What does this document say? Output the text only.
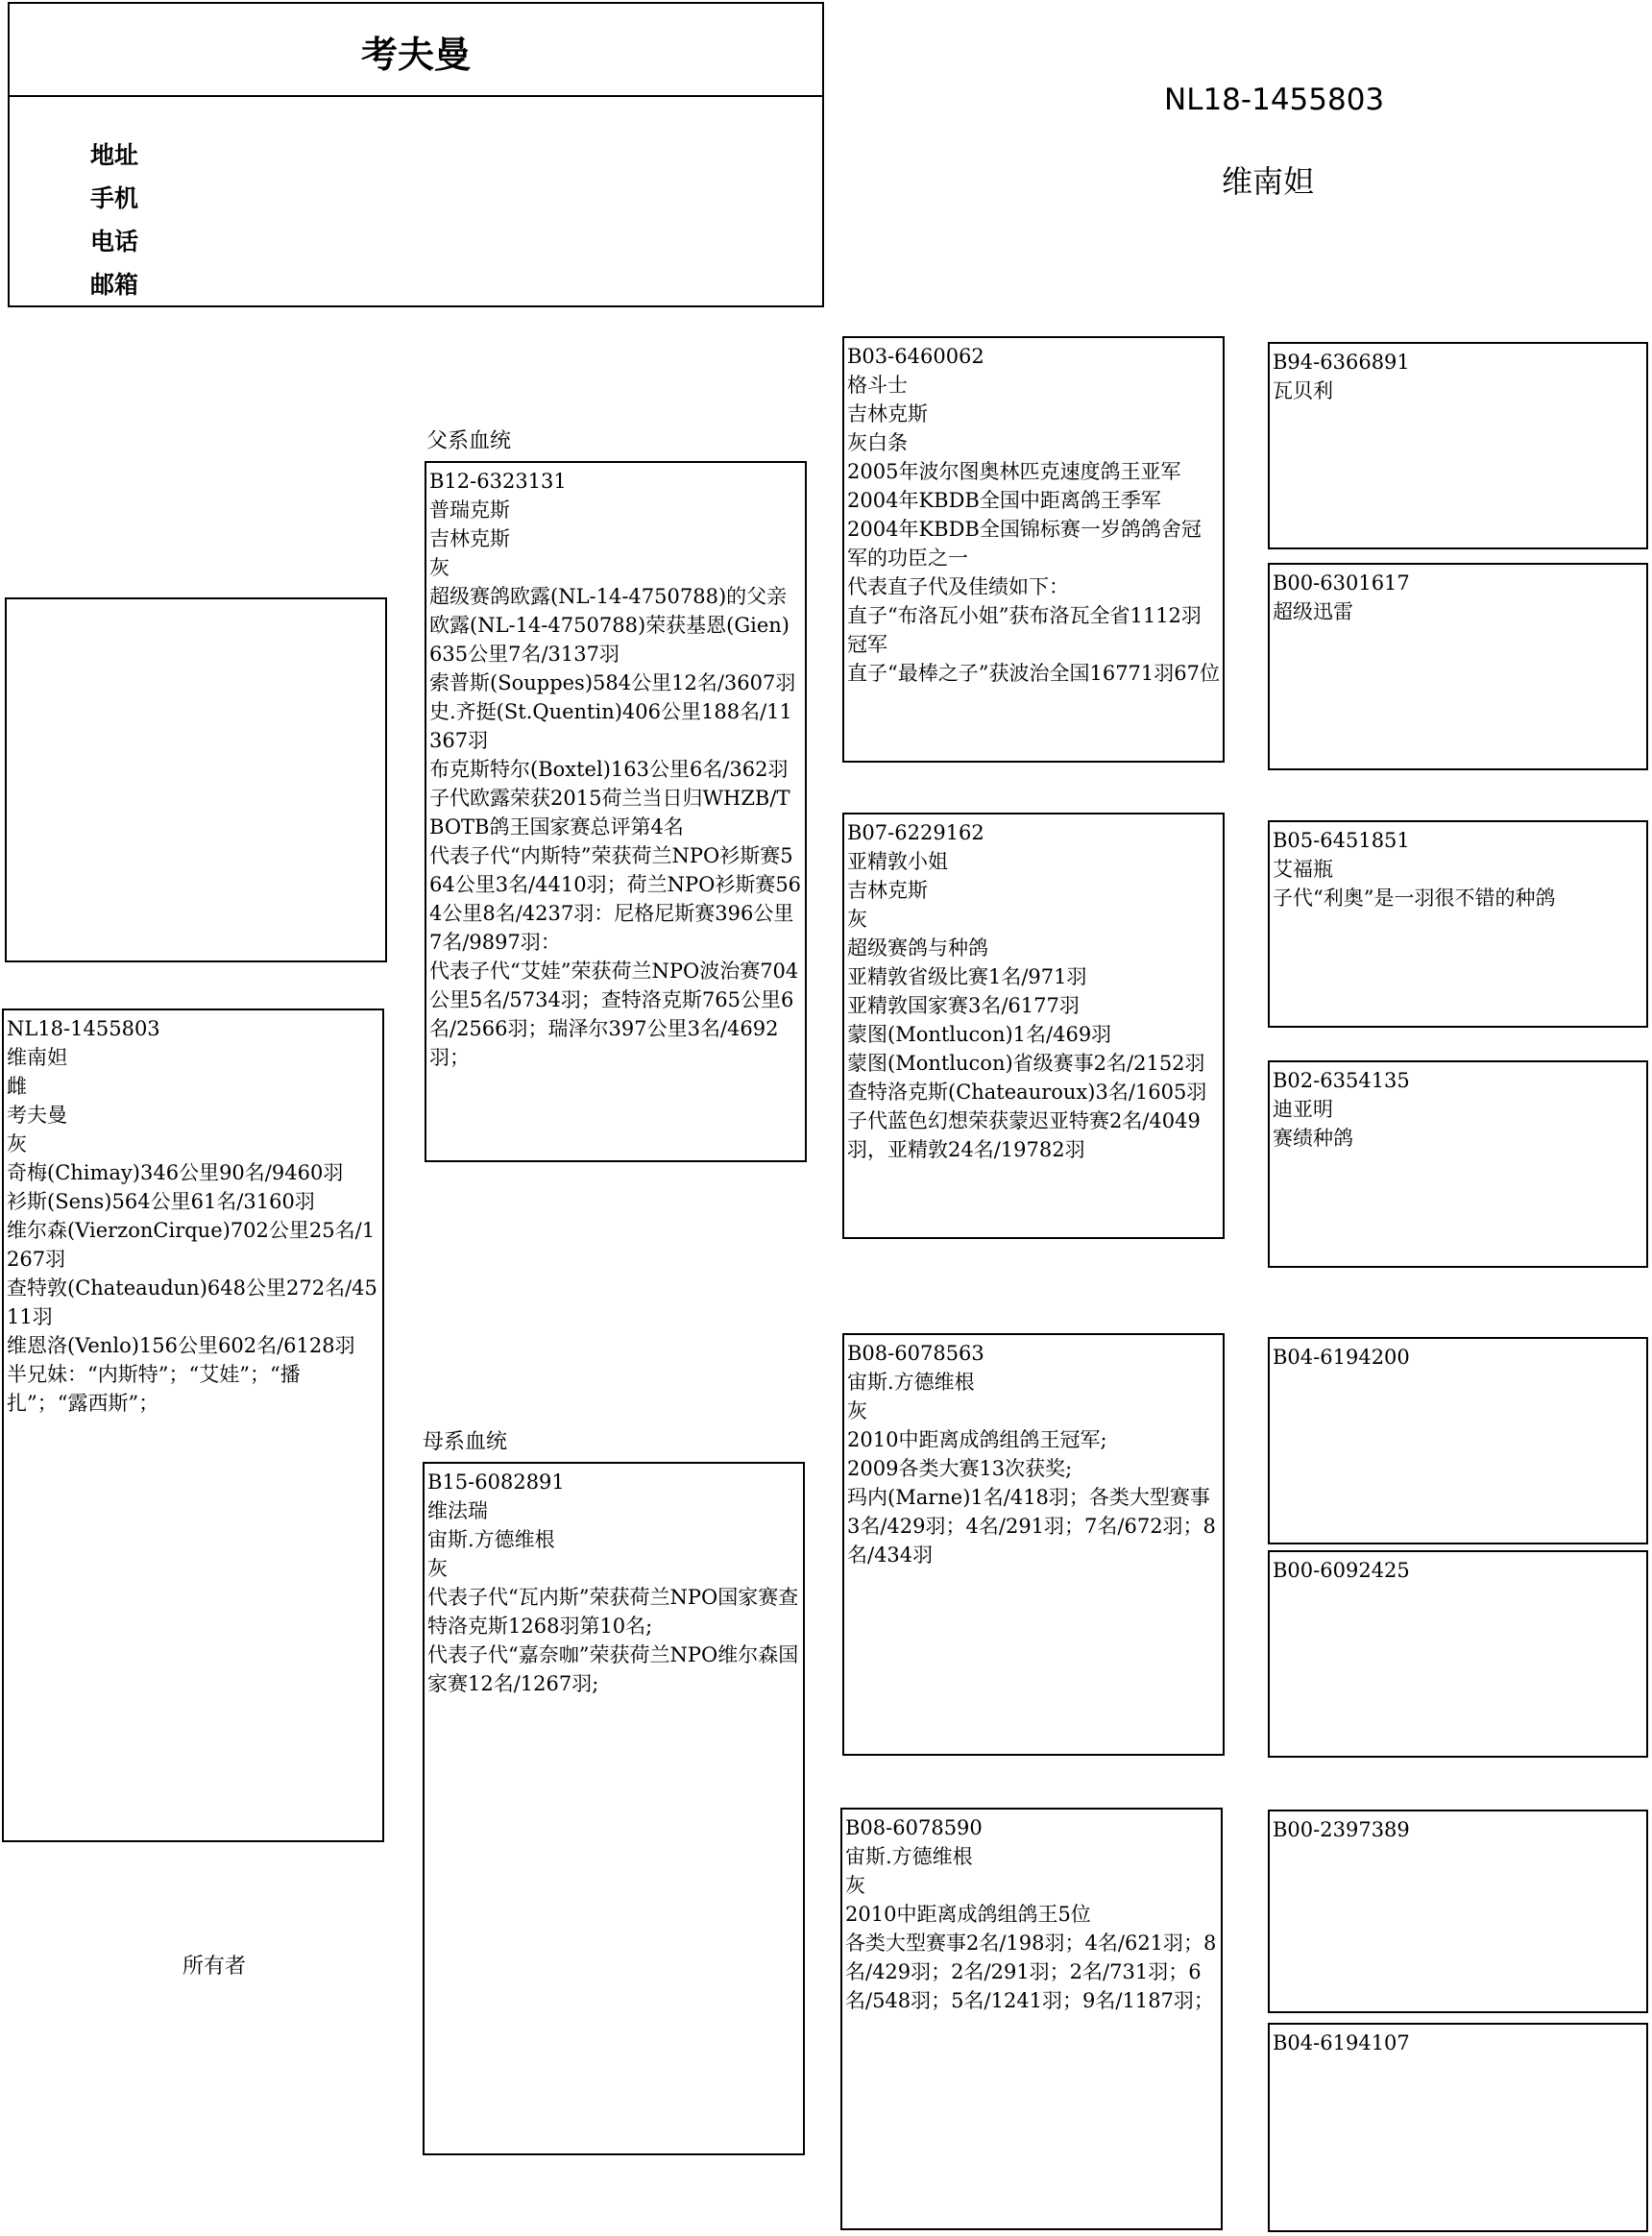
考夫曼
地址
手机
电话
邮箱
NL18-1455803
维南妲
NL18-1455803
维南妲
雌
考夫曼
灰
奇梅(Chimay)346公里90名/9460羽
衫斯(Sens)564公里61名/3160羽
维尔森(VierzonCirque)702公里25名/1267羽
查特敦(Chateaudun)648公里272名/4511羽
维恩洛(Venlo)156公里602名/6128羽
半兄妹：“内斯特”；“艾娃”；“播扎”；“露西斯”；
所有者
父系血统
B12-6323131
普瑞克斯
吉林克斯
灰
超级赛鸽欧露(NL-14-4750788)的父亲
欧露(NL-14-4750788)荣获基恩(Gien)635公里7名/3137羽
索普斯(Souppes)584公里12名/3607羽
史.齐挺(St.Quentin)406公里188名/11367羽
布克斯特尔(Boxtel)163公里6名/362羽
子代欧露荣获2015荷兰当日归WHZB/TBOTB鸽王国家赛总评第4名
代表子代“内斯特”荣获荷兰NPO衫斯赛564公里3名/4410羽；荷兰NPO衫斯赛564公里8名/4237羽：尼格尼斯赛396公里7名/9897羽：
代表子代“艾娃”荣获荷兰NPO波治赛704公里5名/5734羽；查特洛克斯765公里6名/2566羽；瑞泽尔397公里3名/4692羽；
母系血统
B15-6082891
维法瑞
宙斯.方德维根
灰
代表子代“瓦内斯”荣获荷兰NPO国家赛查特洛克斯1268羽第10名;
代表子代“嘉奈咖”荣获荷兰NPO维尔森国家赛12名/1267羽;
B03-6460062
格斗士
吉林克斯
灰白条
2005年波尔图奥林匹克速度鸽王亚军
2004年KBDB全国中距离鸽王季军
2004年KBDB全国锦标赛一岁鸽鸽舍冠军的功臣之一
代表直子代及佳绩如下：
直子“布洛瓦小姐”获布洛瓦全省1112羽冠军
直子“最棒之子”获波治全国16771羽67位
B07-6229162
亚精敦小姐
吉林克斯
灰
超级赛鸽与种鸽
亚精敦省级比赛1名/971羽
亚精敦国家赛3名/6177羽
蒙图(Montlucon)1名/469羽
蒙图(Montlucon)省级赛事2名/2152羽
查特洛克斯(Chateauroux)3名/1605羽
子代蓝色幻想荣获蒙迟亚特赛2名/4049羽，亚精敦24名/19782羽
B08-6078563
宙斯.方德维根
灰
2010中距离成鸽组鸽王冠军;
2009各类大赛13次获奖;
玛内(Marne)1名/418羽；各类大型赛事3名/429羽；4名/291羽；7名/672羽；8名/434羽
B08-6078590
宙斯.方德维根
灰
2010中距离成鸽组鸽王5位
各类大型赛事2名/198羽；4名/621羽；8名/429羽；2名/291羽；2名/731羽；6名/548羽；5名/1241羽；9名/1187羽；
B94-6366891
瓦贝利
B00-6301617
超级迅雷
B05-6451851
艾福瓶
子代“利奥”是一羽很不错的种鸽
B02-6354135
迪亚明
赛绩种鸽
B04-6194200
B00-6092425
B00-2397389
B04-6194107
